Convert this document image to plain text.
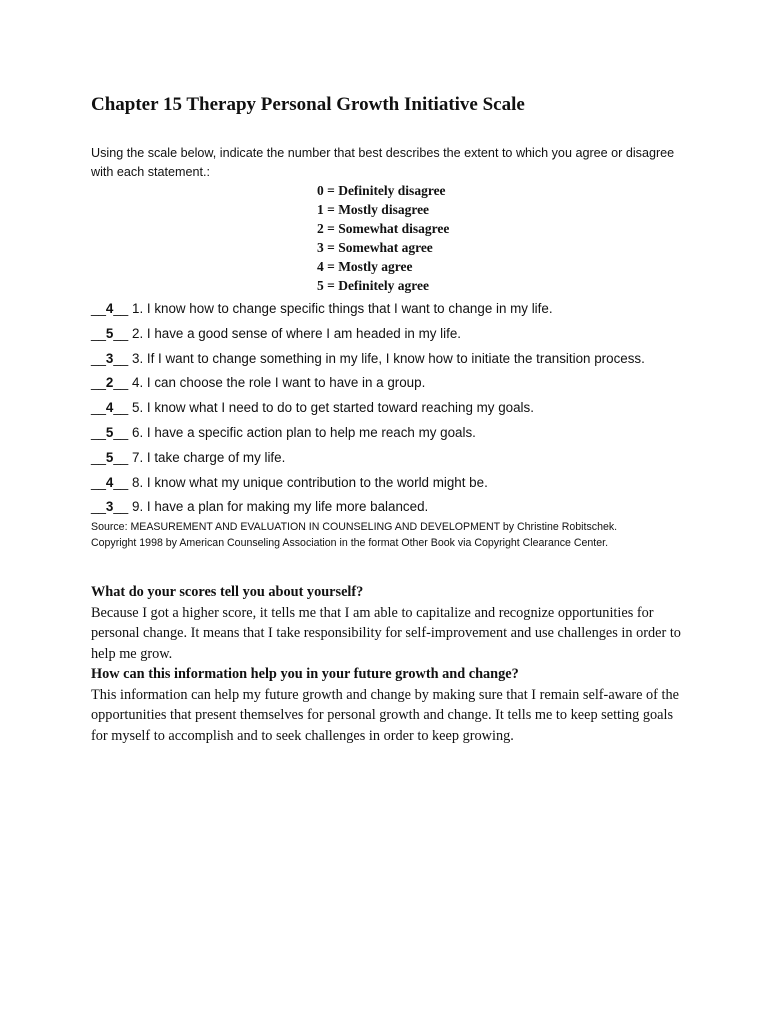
Chapter 15 Therapy Personal Growth Initiative Scale
Using the scale below, indicate the number that best describes the extent to which you agree or disagree with each statement.:
0 = Definitely disagree
1 = Mostly disagree
2 = Somewhat disagree
3 = Somewhat agree
4 = Mostly agree
5 = Definitely agree
__4__ 1. I know how to change specific things that I want to change in my life.
__5__ 2. I have a good sense of where I am headed in my life.
__3__ 3. If I want to change something in my life, I know how to initiate the transition process.
__2__ 4. I can choose the role I want to have in a group.
__4__ 5. I know what I need to do to get started toward reaching my goals.
__5__ 6. I have a specific action plan to help me reach my goals.
__5__ 7. I take charge of my life.
__4__ 8. I know what my unique contribution to the world might be.
__3__ 9. I have a plan for making my life more balanced.
Source: MEASUREMENT AND EVALUATION IN COUNSELING AND DEVELOPMENT by Christine Robitschek.
Copyright 1998 by American Counseling Association in the format Other Book via Copyright Clearance Center.
What do your scores tell you about yourself?
Because I got a higher score, it tells me that I am able to capitalize and recognize opportunities for personal change. It means that I take responsibility for self-improvement and use challenges in order to help me grow.
How can this information help you in your future growth and change?
This information can help my future growth and change by making sure that I remain self-aware of the opportunities that present themselves for personal growth and change. It tells me to keep setting goals for myself to accomplish and to seek challenges in order to keep growing.
